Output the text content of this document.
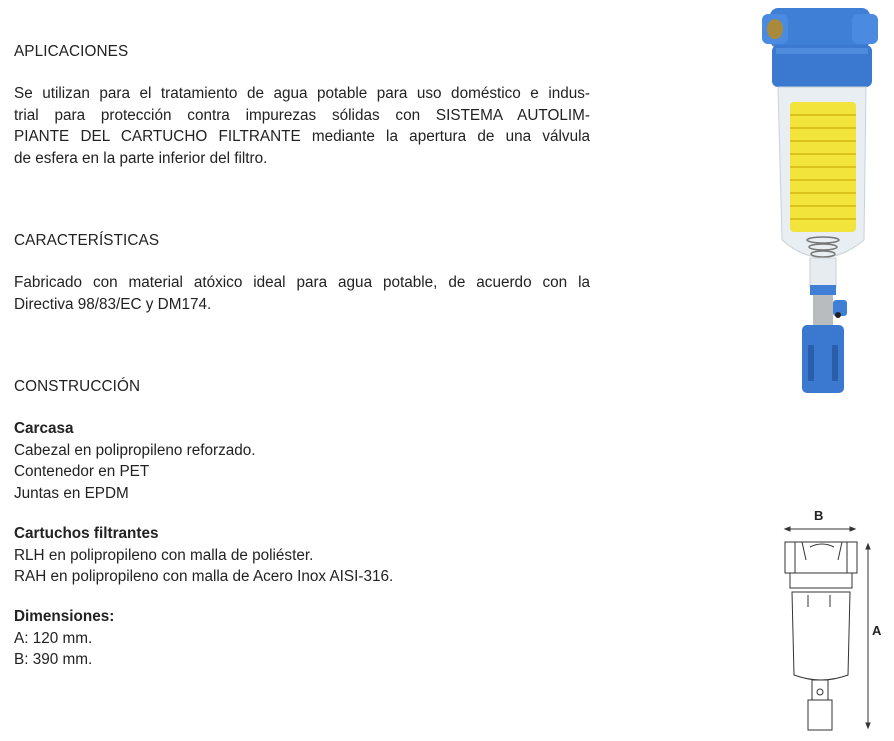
APLICACIONES
Se utilizan para el tratamiento de agua potable para uso doméstico e indus-
trial para protección contra impurezas sólidas con SISTEMA AUTOLIM-
PIANTE DEL CARTUCHO FILTRANTE mediante la apertura de una válvula
de esfera en la parte inferior del filtro.
CARACTERÍSTICAS
Fabricado con material atóxico ideal para agua potable, de acuerdo con la
Directiva 98/83/EC y DM174.
CONSTRUCCIÓN
Carcasa
Cabezal en polipropileno reforzado.
Contenedor en PET
Juntas en EPDM
Cartuchos filtrantes
RLH en polipropileno con malla de poliéster.
RAH en polipropileno con malla de Acero Inox AISI-316.
Dimensiones:
A: 120 mm.
B: 390 mm.
B
A
